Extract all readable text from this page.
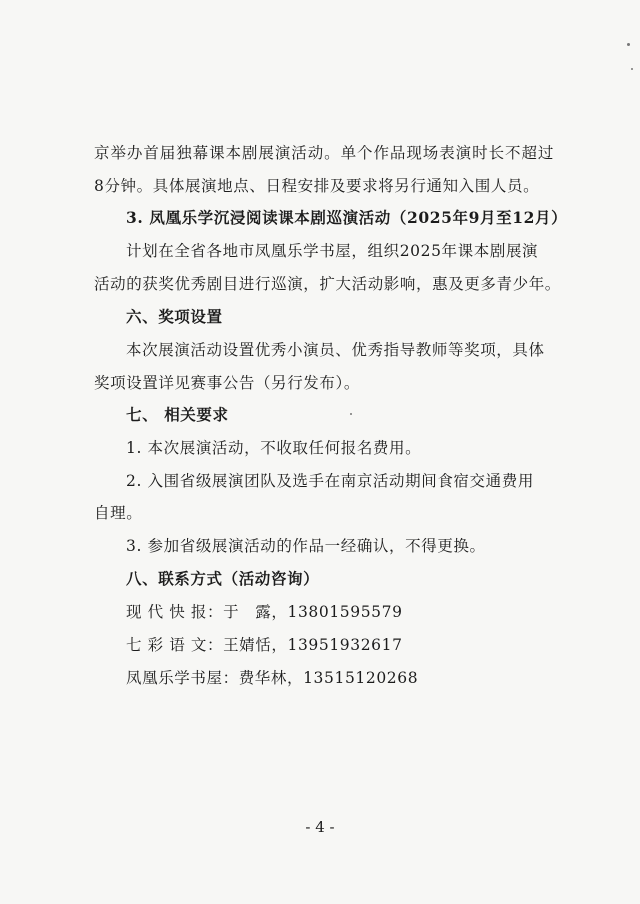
京举办首届独幕课本剧展演活动。单个作品现场表演时长不超过
8分钟。具体展演地点、日程安排及要求将另行通知入围人员。
3. 凤凰乐学沉浸阅读课本剧巡演活动（2025年9月至12月）
计划在全省各地市凤凰乐学书屋，组织2025年课本剧展演
活动的获奖优秀剧目进行巡演，扩大活动影响，惠及更多青少年。
六、奖项设置
本次展演活动设置优秀小演员、优秀指导教师等奖项，具体
奖项设置详见赛事公告（另行发布）。
七、 相关要求
1. 本次展演活动，不收取任何报名费用。
2. 入围省级展演团队及选手在南京活动期间食宿交通费用
自理。
3. 参加省级展演活动的作品一经确认，不得更换。
八、联系方式（活动咨询）
现 代 快 报：于　露，13801595579
七 彩 语 文：王婧恬，13951932617
凤凰乐学书屋：费华林，13515120268
- 4 -
